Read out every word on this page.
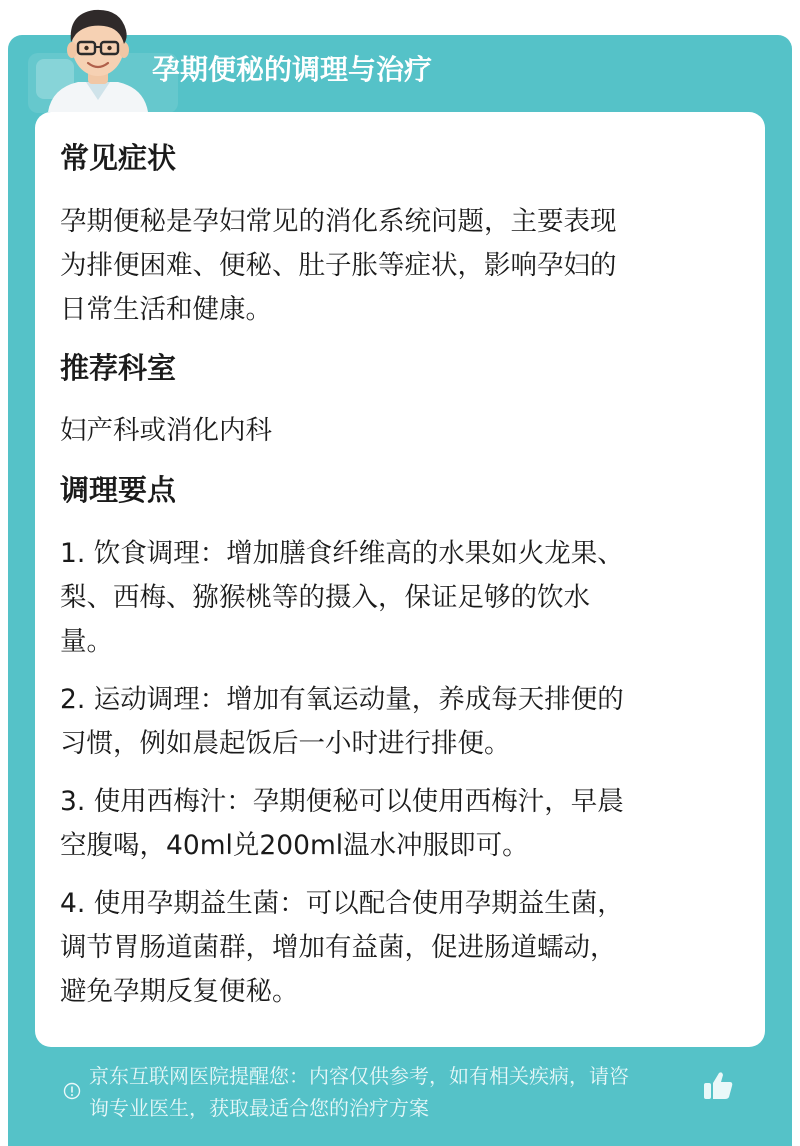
孕期便秘的调理与治疗
常见症状
孕期便秘是孕妇常见的消化系统问题，主要表现
为排便困难、便秘、肚子胀等症状，影响孕妇的
日常生活和健康。
推荐科室
妇产科或消化内科
调理要点
1. 饮食调理：增加膳食纤维高的水果如火龙果、
梨、西梅、猕猴桃等的摄入，保证足够的饮水
量。
2. 运动调理：增加有氧运动量，养成每天排便的
习惯，例如晨起饭后一小时进行排便。
3. 使用西梅汁：孕期便秘可以使用西梅汁，早晨
空腹喝，40ml兑200ml温水冲服即可。
4. 使用孕期益生菌：可以配合使用孕期益生菌，
调节胃肠道菌群，增加有益菌，促进肠道蠕动，
避免孕期反复便秘。
京东互联网医院提醒您：内容仅供参考，如有相关疾病，请咨
询专业医生，获取最适合您的治疗方案
